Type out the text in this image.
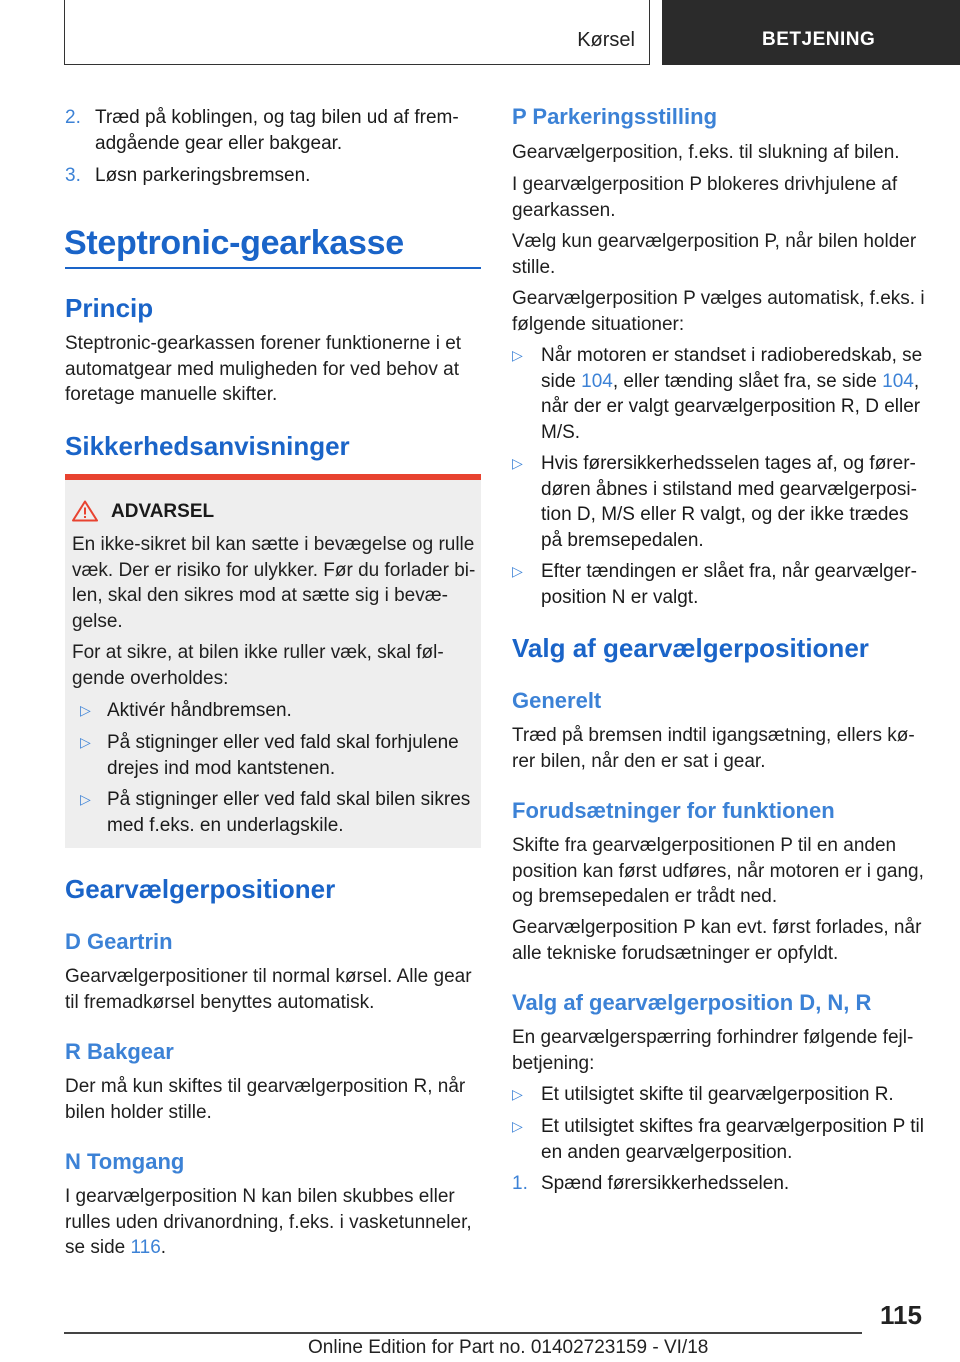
Kørsel	BETJENING
2. Træd på koblingen, og tag bilen ud af frem‐
adgående gear eller bakgear.
3. Løsn parkeringsbremsen.
Steptronic-gearkasse
Princip
Steptronic-gearkassen forener funktionerne i et
automatgear med muligheden for ved behov at
foretage manuelle skifter.
Sikkerhedsanvisninger
ADVARSEL
En ikke-sikret bil kan sætte i bevægelse og rulle
væk. Der er risiko for ulykker. Før du forlader bi‐
len, skal den sikres mod at sætte sig i bevæ‐
gelse.
For at sikre, at bilen ikke ruller væk, skal føl‐
gende overholdes:
▷ Aktivér håndbremsen.
▷ På stigninger eller ved fald skal forhjulene
drejes ind mod kantstenen.
▷ På stigninger eller ved fald skal bilen sikres
med f.eks. en underlagskile.
Gearvælgerpositioner
D Geartrin
Gearvælgerpositioner til normal kørsel. Alle gear
til fremadkørsel benyttes automatisk.
R Bakgear
Der må kun skiftes til gearvælgerposition R, når
bilen holder stille.
N Tomgang
I gearvælgerposition N kan bilen skubbes eller
rulles uden drivanordning, f.eks. i vasketunneler,
se side 116.
P Parkeringsstilling
Gearvælgerposition, f.eks. til slukning af bilen.
I gearvælgerposition P blokeres drivhjulene af
gearkassen.
Vælg kun gearvælgerposition P, når bilen holder
stille.
Gearvælgerposition P vælges automatisk, f.eks. i
følgende situationer:
▷ Når motoren er standset i radioberedskab, se
side 104, eller tænding slået fra, se side 104,
når der er valgt gearvælgerposition R, D eller
M/S.
▷ Hvis førersikkerhedsselen tages af, og fører‐
døren åbnes i stilstand med gearvælgerposi‐
tion D, M/S eller R valgt, og der ikke trædes
på bremsepedalen.
▷ Efter tændingen er slået fra, når gearvælger‐
position N er valgt.
Valg af gearvælgerpositioner
Generelt
Træd på bremsen indtil igangsætning, ellers kø‐
rer bilen, når den er sat i gear.
Forudsætninger for funktionen
Skifte fra gearvælgerpositionen P til en anden
position kan først udføres, når motoren er i gang,
og bremsepedalen er trådt ned.
Gearvælgerposition P kan evt. først forlades, når
alle tekniske forudsætninger er opfyldt.
Valg af gearvælgerposition D, N, R
En gearvælgerspærring forhindrer følgende fejl‐
betjening:
▷ Et utilsigtet skifte til gearvælgerposition R.
▷ Et utilsigtet skiftes fra gearvælgerposition P til
en anden gearvælgerposition.
1. Spænd førersikkerhedsselen.
115
Online Edition for Part no. 01402723159 - VI/18
